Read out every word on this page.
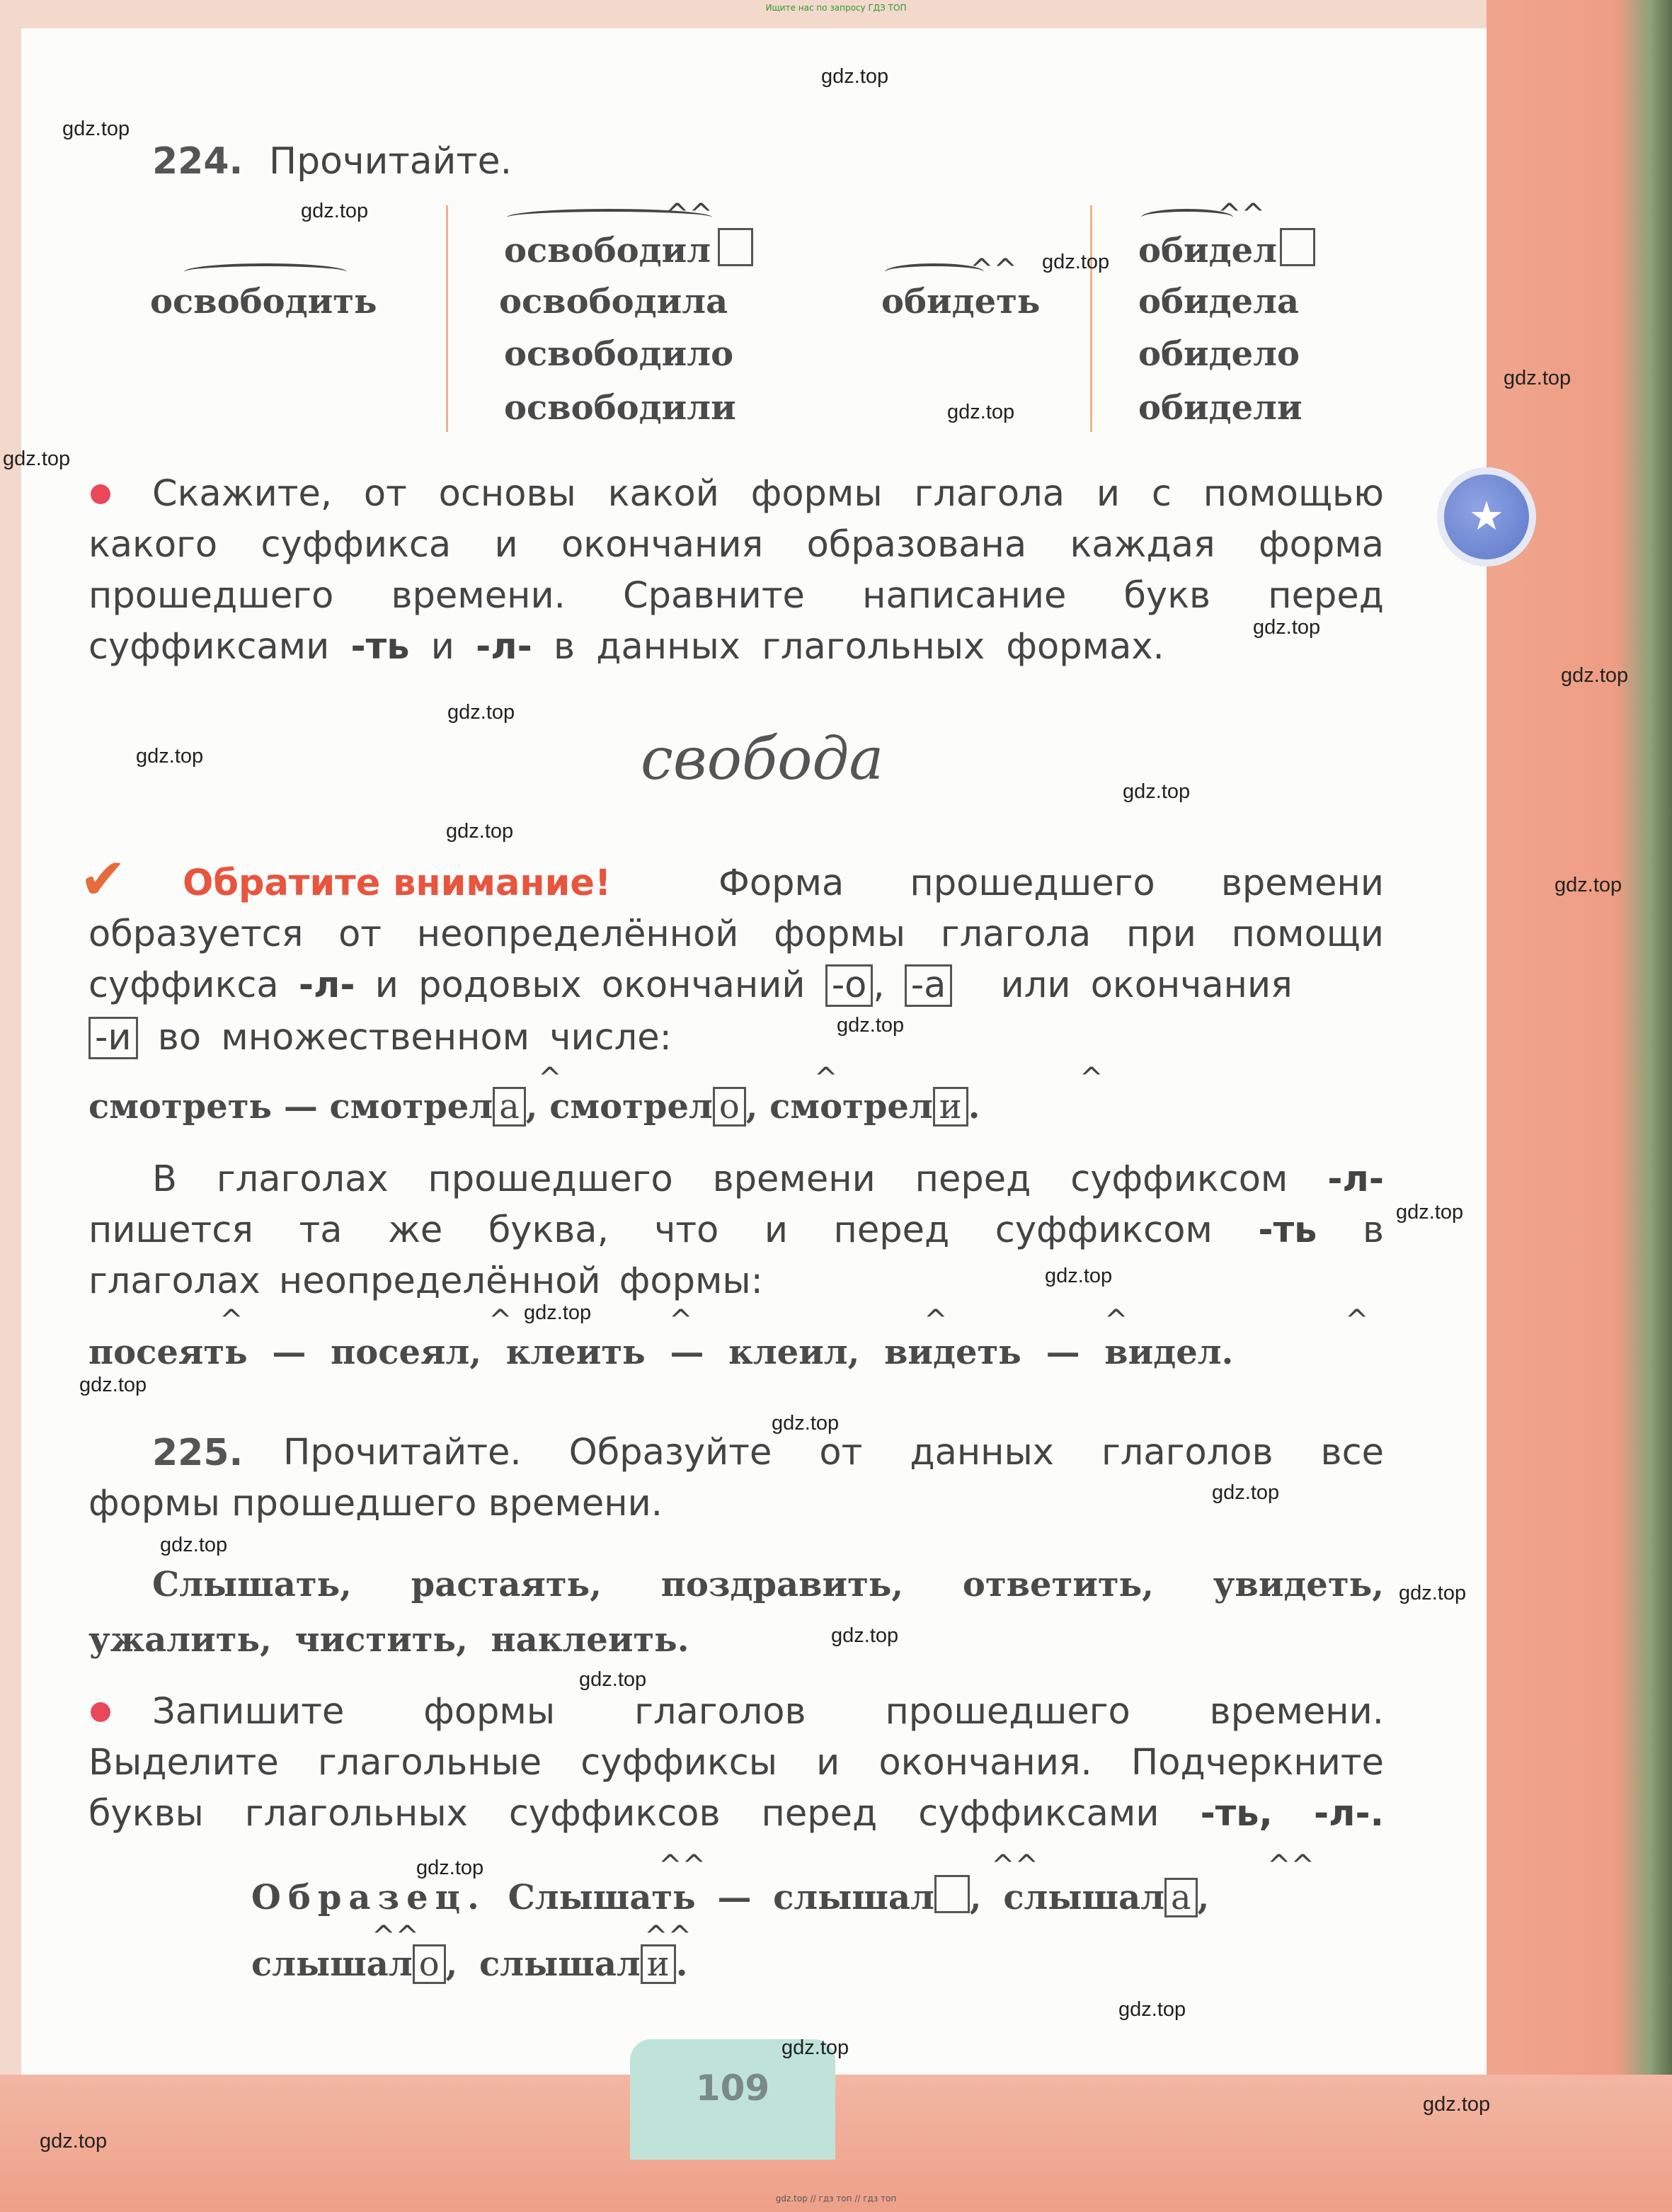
109
Ищите нас по запросу ГДЗ ТОП
gdz.top // гдз топ // гдз топ
★
224. Прочитайте.
освободить
^^
освободил
освободила
освободило
освободили
^^
обидеть
^^
обидел
обидела
обидело
обидели
Скажите, от основы какой формы глагола и с помощью
какого суффикса и окончания образована каждая форма
прошедшего времени. Сравните написание букв перед
суффиксами -ть и -л- в данных глагольных формах.
свобода
✔ Обратите внимание!	Форма прошедшего времени
образуется от неопределённой формы глагола при помощи
суффикса -л- и родовых окончаний -о , -а или окончания
-и во множественном числе:
^	^	^
смотреть — смотрел а , смотрел о , смотрел и .
В глаголах прошедшего времени перед суффиксом -л-
пишется та же буква, что и перед суффиксом -ть в
глаголах неопределённой формы:
^	^	^	^	^	^
посеять — посеял, клеить — клеил, видеть — видел.
225. Прочитайте. Образуйте от данных глаголов все
формы прошедшего времени.
Слышать, растаять, поздравить, ответить, увидеть,
ужалить, чистить, наклеить.
Запишите формы глаголов прошедшего времени.
Выделите глагольные суффиксы и окончания. Подчеркните
буквы глагольных суффиксов перед суффиксами -ть, -л-.
^^	^^	^^
Образец. Слышать — слышал , слышал а ,
^^	^^
слышал о , слышал и .
gdz.top
gdz.top
gdz.top
gdz.top
gdz.top
gdz.top
gdz.top
gdz.top
gdz.top
gdz.top
gdz.top
gdz.top
gdz.top
gdz.top
gdz.top
gdz.top
gdz.top
gdz.top
gdz.top
gdz.top
gdz.top
gdz.top
gdz.top
gdz.top
gdz.top
gdz.top
gdz.top
gdz.top
gdz.top
gdz.top
